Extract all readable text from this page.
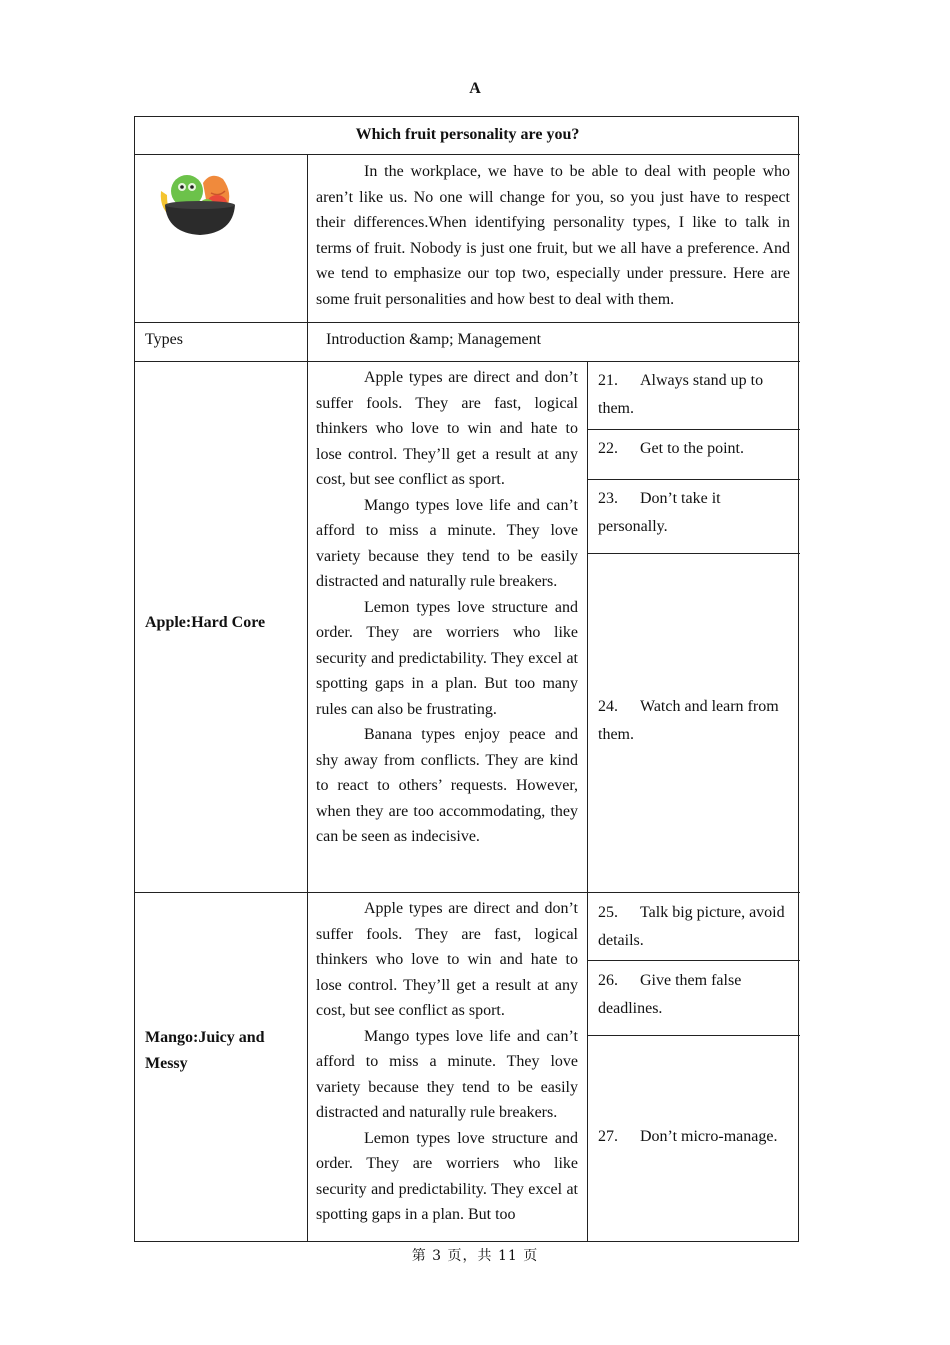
A
Which fruit personality are you?

In the workplace, we have to be able to deal with people who aren’t like us. No one will change for you, so you just have to respect their differences.When identifying personality types, I like to talk in terms of fruit. Nobody is just one fruit, but we all have a preference. And we tend to emphasize our top two, especially under pressure. Here are some fruit personalities and how best to deal with them.

Types	Introduction &amp; Management
Apple:Hard Core

Apple types are direct and don’t suffer fools. They are fast, logical thinkers who love to win and hate to lose control. They’ll get a result at any cost, but see conflict as sport.

Mango types love life and can’t afford to miss a minute. They love variety because they tend to be easily distracted and naturally rule breakers.

Lemon types love structure and order. They are worriers who like security and predictability. They excel at spotting gaps in a plan. But too many rules can also be frustrating.

Banana types enjoy peace and shy away from conflicts. They are kind to react to others’ requests. However, when they are too accommodating, they can be seen as indecisive.

21. Always stand up to them.
22. Get to the point.
23. Don’t take it personally.
24. Watch and learn from them.
Mango:Juicy and
Messy

Apple types are direct and don’t suffer fools. They are fast, logical thinkers who love to win and hate to lose control. They’ll get a result at any cost, but see conflict as sport.

Mango types love life and can’t afford to miss a minute. They love variety because they tend to be easily distracted and naturally rule breakers.

Lemon types love structure and order. They are worriers who like security and predictability. They excel at spotting gaps in a plan. But too

25. Talk big picture, avoid details.
26. Give them false deadlines.
27. Don’t micro-manage.
第 3 页，共 11 页
